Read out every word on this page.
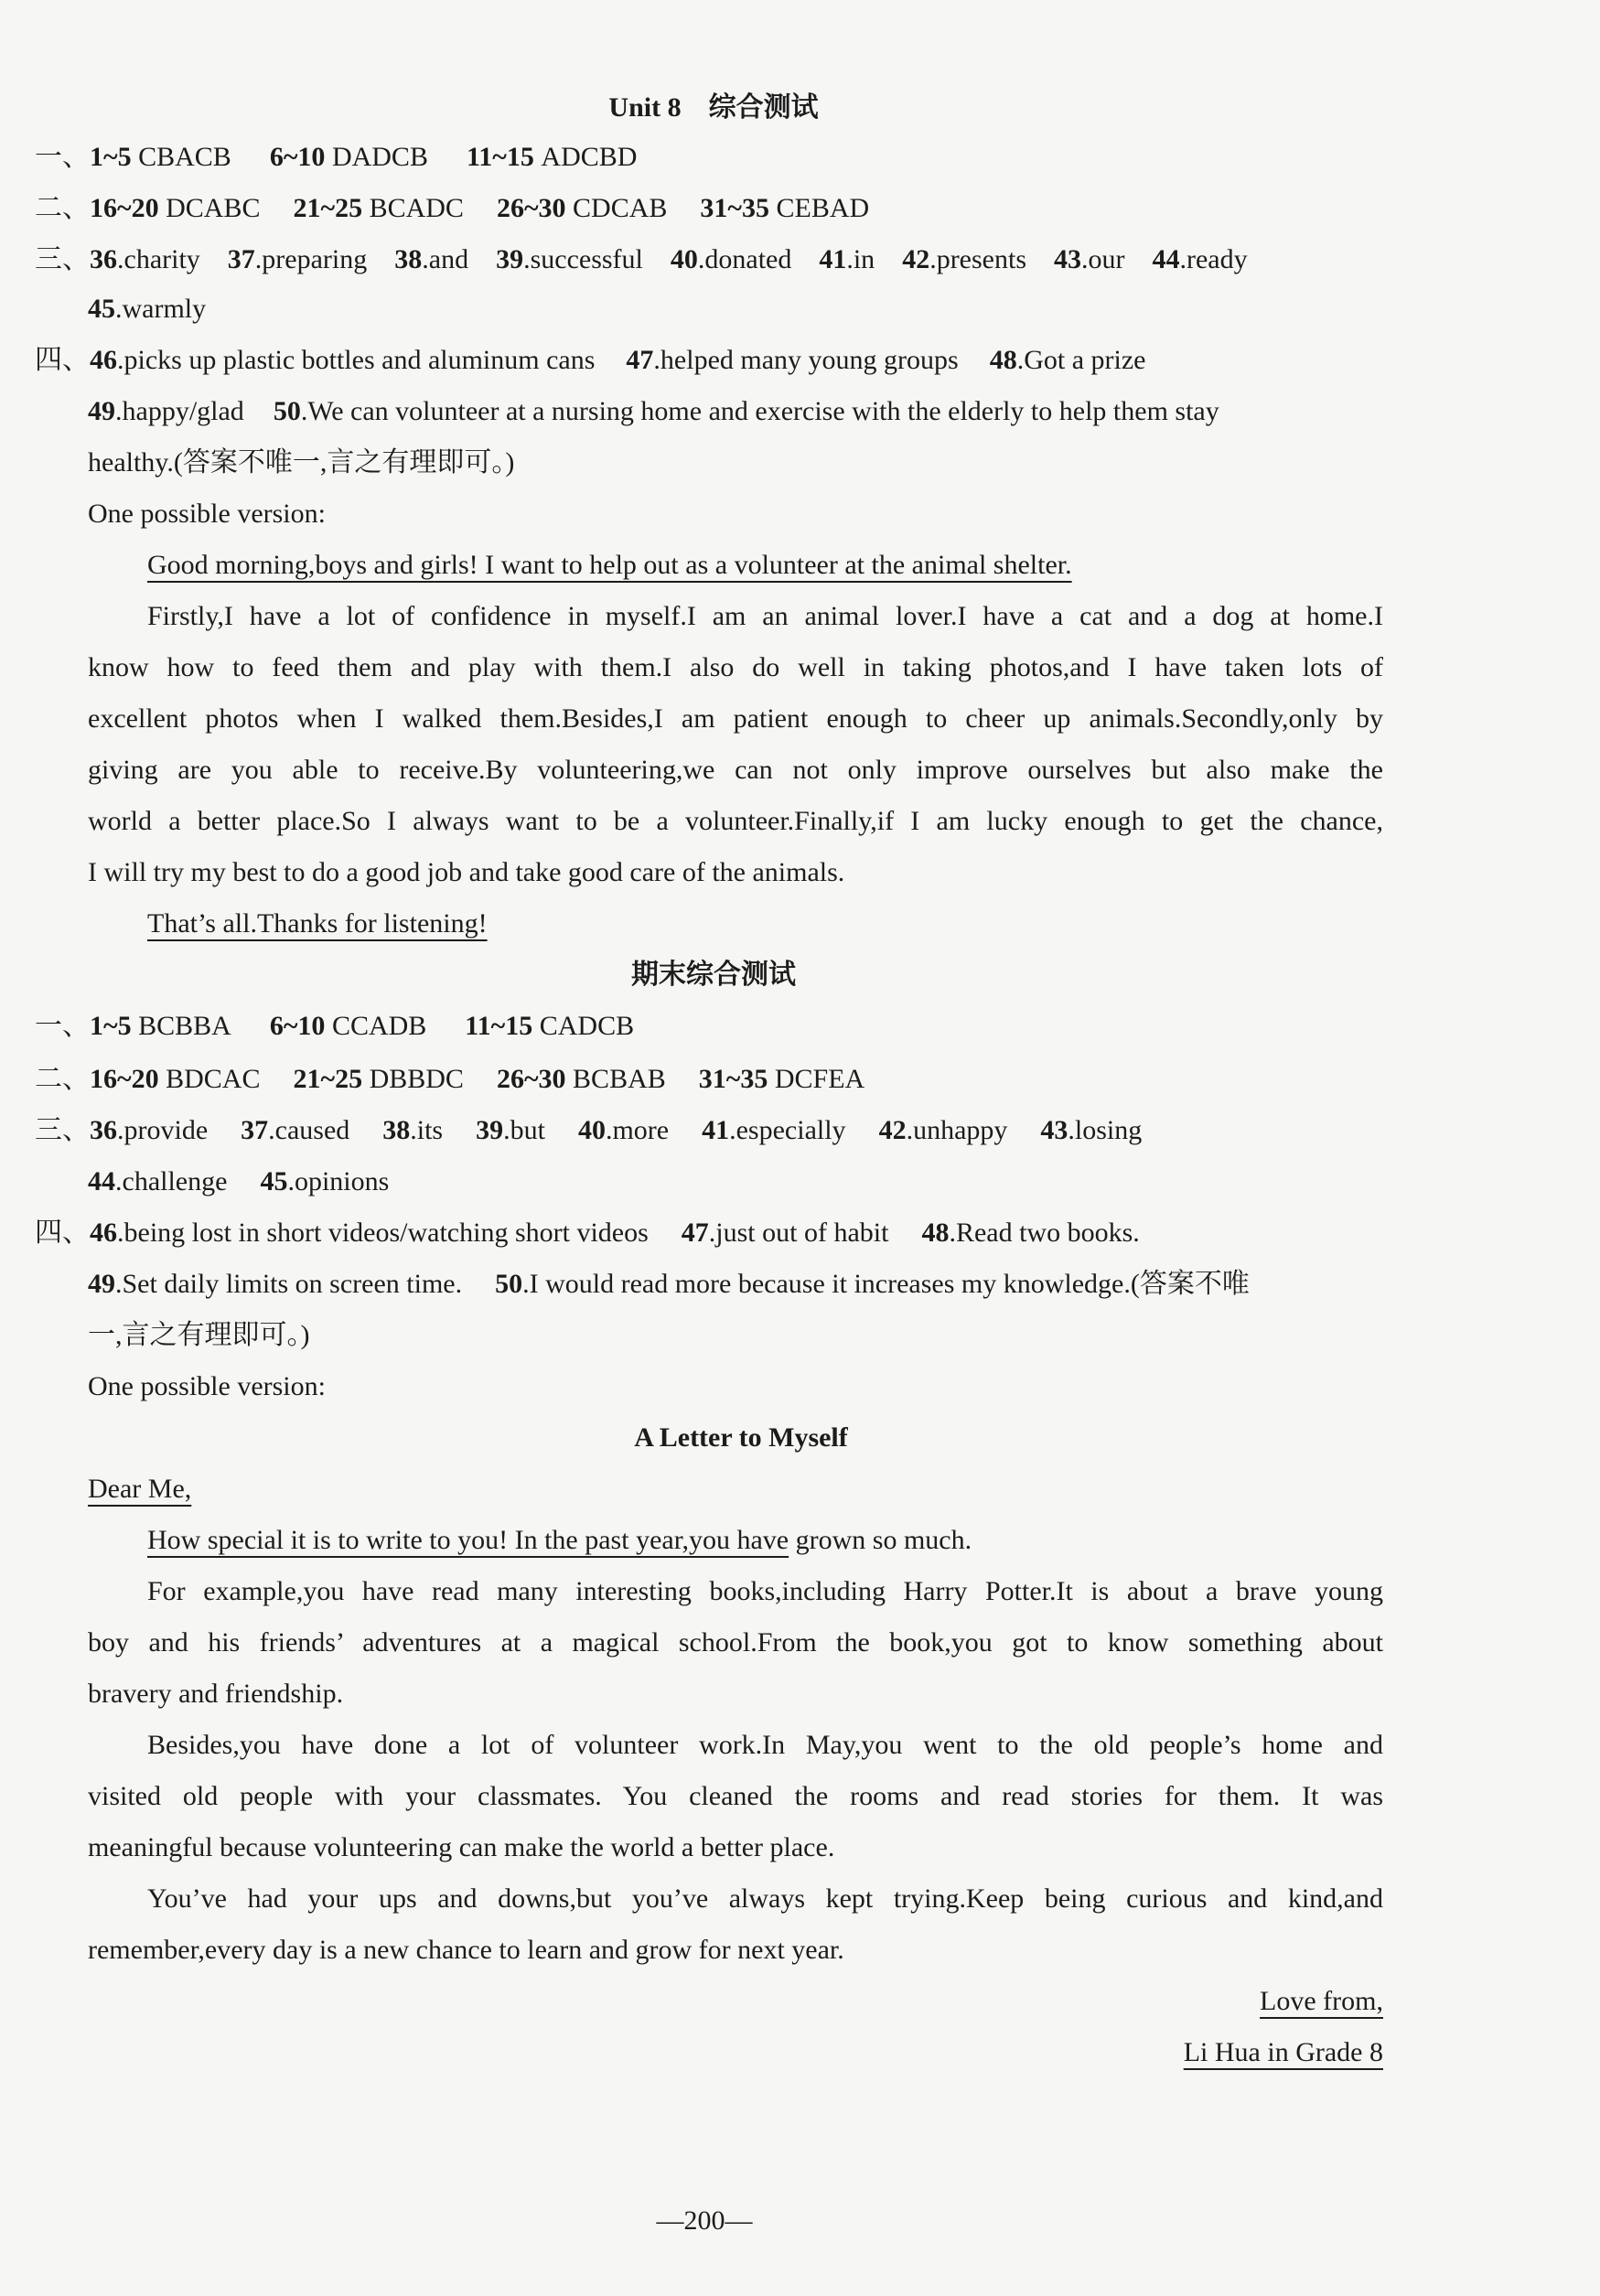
Unit 8 综合测试
一、1~5 CBACB 6~10 DADCB 11~15 ADCBD
二、16~20 DCABC 21~25 BCADC 26~30 CDCAB 31~35 CEBAD
三、36.charity 37.preparing 38.and 39.successful 40.donated 41.in 42.presents 43.our 44.ready
45.warmly
四、46.picks up plastic bottles and aluminum cans 47.helped many young groups 48.Got a prize
49.happy/glad 50.We can volunteer at a nursing home and exercise with the elderly to help them stay
healthy.(答案不唯一,言之有理即可。)
One possible version:
Good morning,boys and girls! I want to help out as a volunteer at the animal shelter.
Firstly,I have a lot of confidence in myself.I am an animal lover.I have a cat and a dog at home.I
know how to feed them and play with them.I also do well in taking photos,and I have taken lots of
excellent photos when I walked them.Besides,I am patient enough to cheer up animals.Secondly,only by
giving are you able to receive.By volunteering,we can not only improve ourselves but also make the
world a better place.So I always want to be a volunteer.Finally,if I am lucky enough to get the chance,
I will try my best to do a good job and take good care of the animals.
That’s all.Thanks for listening!
期末综合测试
一、1~5 BCBBA 6~10 CCADB 11~15 CADCB
二、16~20 BDCAC 21~25 DBBDC 26~30 BCBAB 31~35 DCFEA
三、36.provide 37.caused 38.its 39.but 40.more 41.especially 42.unhappy 43.losing
44.challenge 45.opinions
四、46.being lost in short videos/watching short videos 47.just out of habit 48.Read two books.
49.Set daily limits on screen time. 50.I would read more because it increases my knowledge.(答案不唯
一,言之有理即可。)
One possible version:
A Letter to Myself
Dear Me,
How special it is to write to you! In the past year,you have grown so much.
For example,you have read many interesting books,including Harry Potter.It is about a brave young
boy and his friends’ adventures at a magical school.From the book,you got to know something about
bravery and friendship.
Besides,you have done a lot of volunteer work.In May,you went to the old people’s home and
visited old people with your classmates. You cleaned the rooms and read stories for them. It was
meaningful because volunteering can make the world a better place.
You’ve had your ups and downs,but you’ve always kept trying.Keep being curious and kind,and
remember,every day is a new chance to learn and grow for next year.
Love from,
Li Hua in Grade 8
—200—
